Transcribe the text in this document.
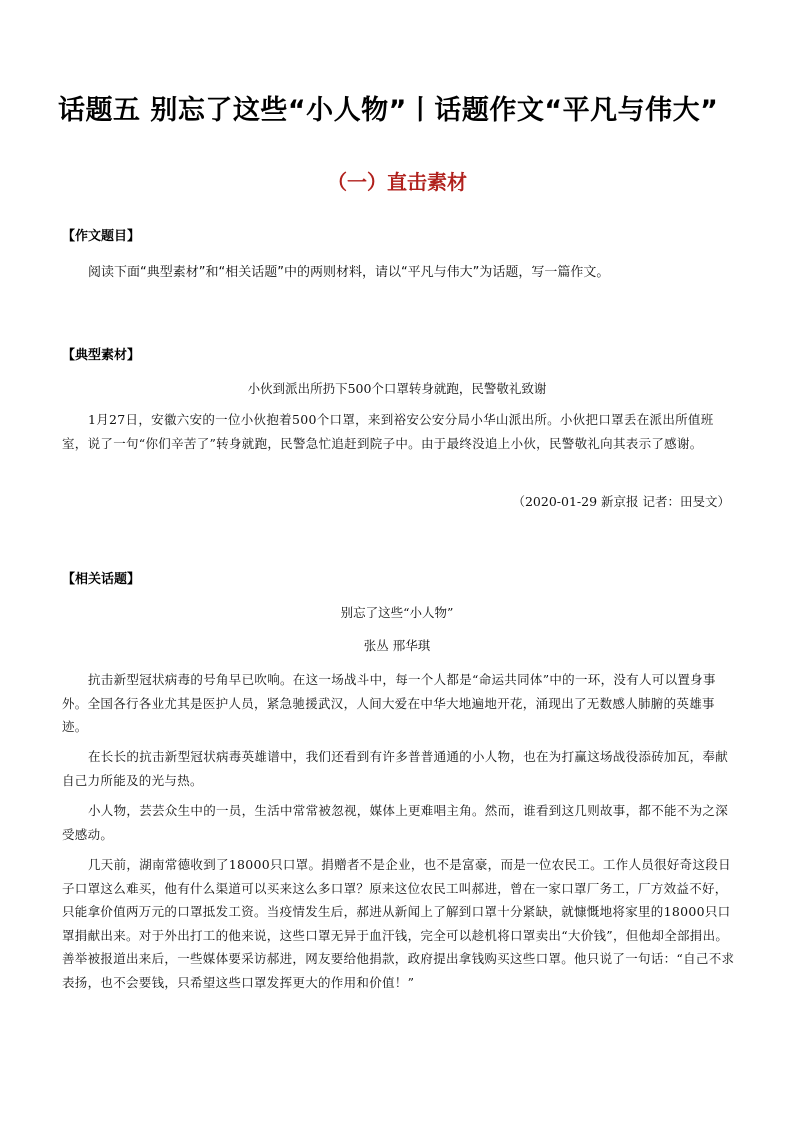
话题五 别忘了这些“小人物”丨话题作文“平凡与伟大”
（一）直击素材
【作文题目】
阅读下面“典型素材”和“相关话题”中的两则材料，请以“平凡与伟大”为话题，写一篇作文。
【典型素材】
小伙到派出所扔下500个口罩转身就跑，民警敬礼致谢
1月27日，安徽六安的一位小伙抱着500个口罩，来到裕安公安分局小华山派出所。小伙把口罩丢在派出所值班室，说了一句“你们辛苦了”转身就跑，民警急忙追赶到院子中。由于最终没追上小伙，民警敬礼向其表示了感谢。
（2020-01-29 新京报 记者：田旻文）
【相关话题】
别忘了这些“小人物”
张丛 邢华琪
抗击新型冠状病毒的号角早已吹响。在这一场战斗中，每一个人都是“命运共同体”中的一环，没有人可以置身事外。全国各行各业尤其是医护人员，紧急驰援武汉，人间大爱在中华大地遍地开花，涌现出了无数感人肺腑的英雄事迹。
在长长的抗击新型冠状病毒英雄谱中，我们还看到有许多普普通通的小人物，也在为打赢这场战役添砖加瓦，奉献自己力所能及的光与热。
小人物，芸芸众生中的一员，生活中常常被忽视，媒体上更难唱主角。然而，谁看到这几则故事，都不能不为之深受感动。
几天前，湖南常德收到了18000只口罩。捐赠者不是企业，也不是富豪，而是一位农民工。工作人员很好奇这段日子口罩这么难买，他有什么渠道可以买来这么多口罩？原来这位农民工叫郝进，曾在一家口罩厂务工，厂方效益不好，只能拿价值两万元的口罩抵发工资。当疫情发生后，郝进从新闻上了解到口罩十分紧缺，就慷慨地将家里的18000只口罩捐献出来。对于外出打工的他来说，这些口罩无异于血汗钱，完全可以趁机将口罩卖出“大价钱”，但他却全部捐出。善举被报道出来后，一些媒体要采访郝进，网友要给他捐款，政府提出拿钱购买这些口罩。他只说了一句话：“自己不求表扬，也不会要钱，只希望这些口罩发挥更大的作用和价值！”
